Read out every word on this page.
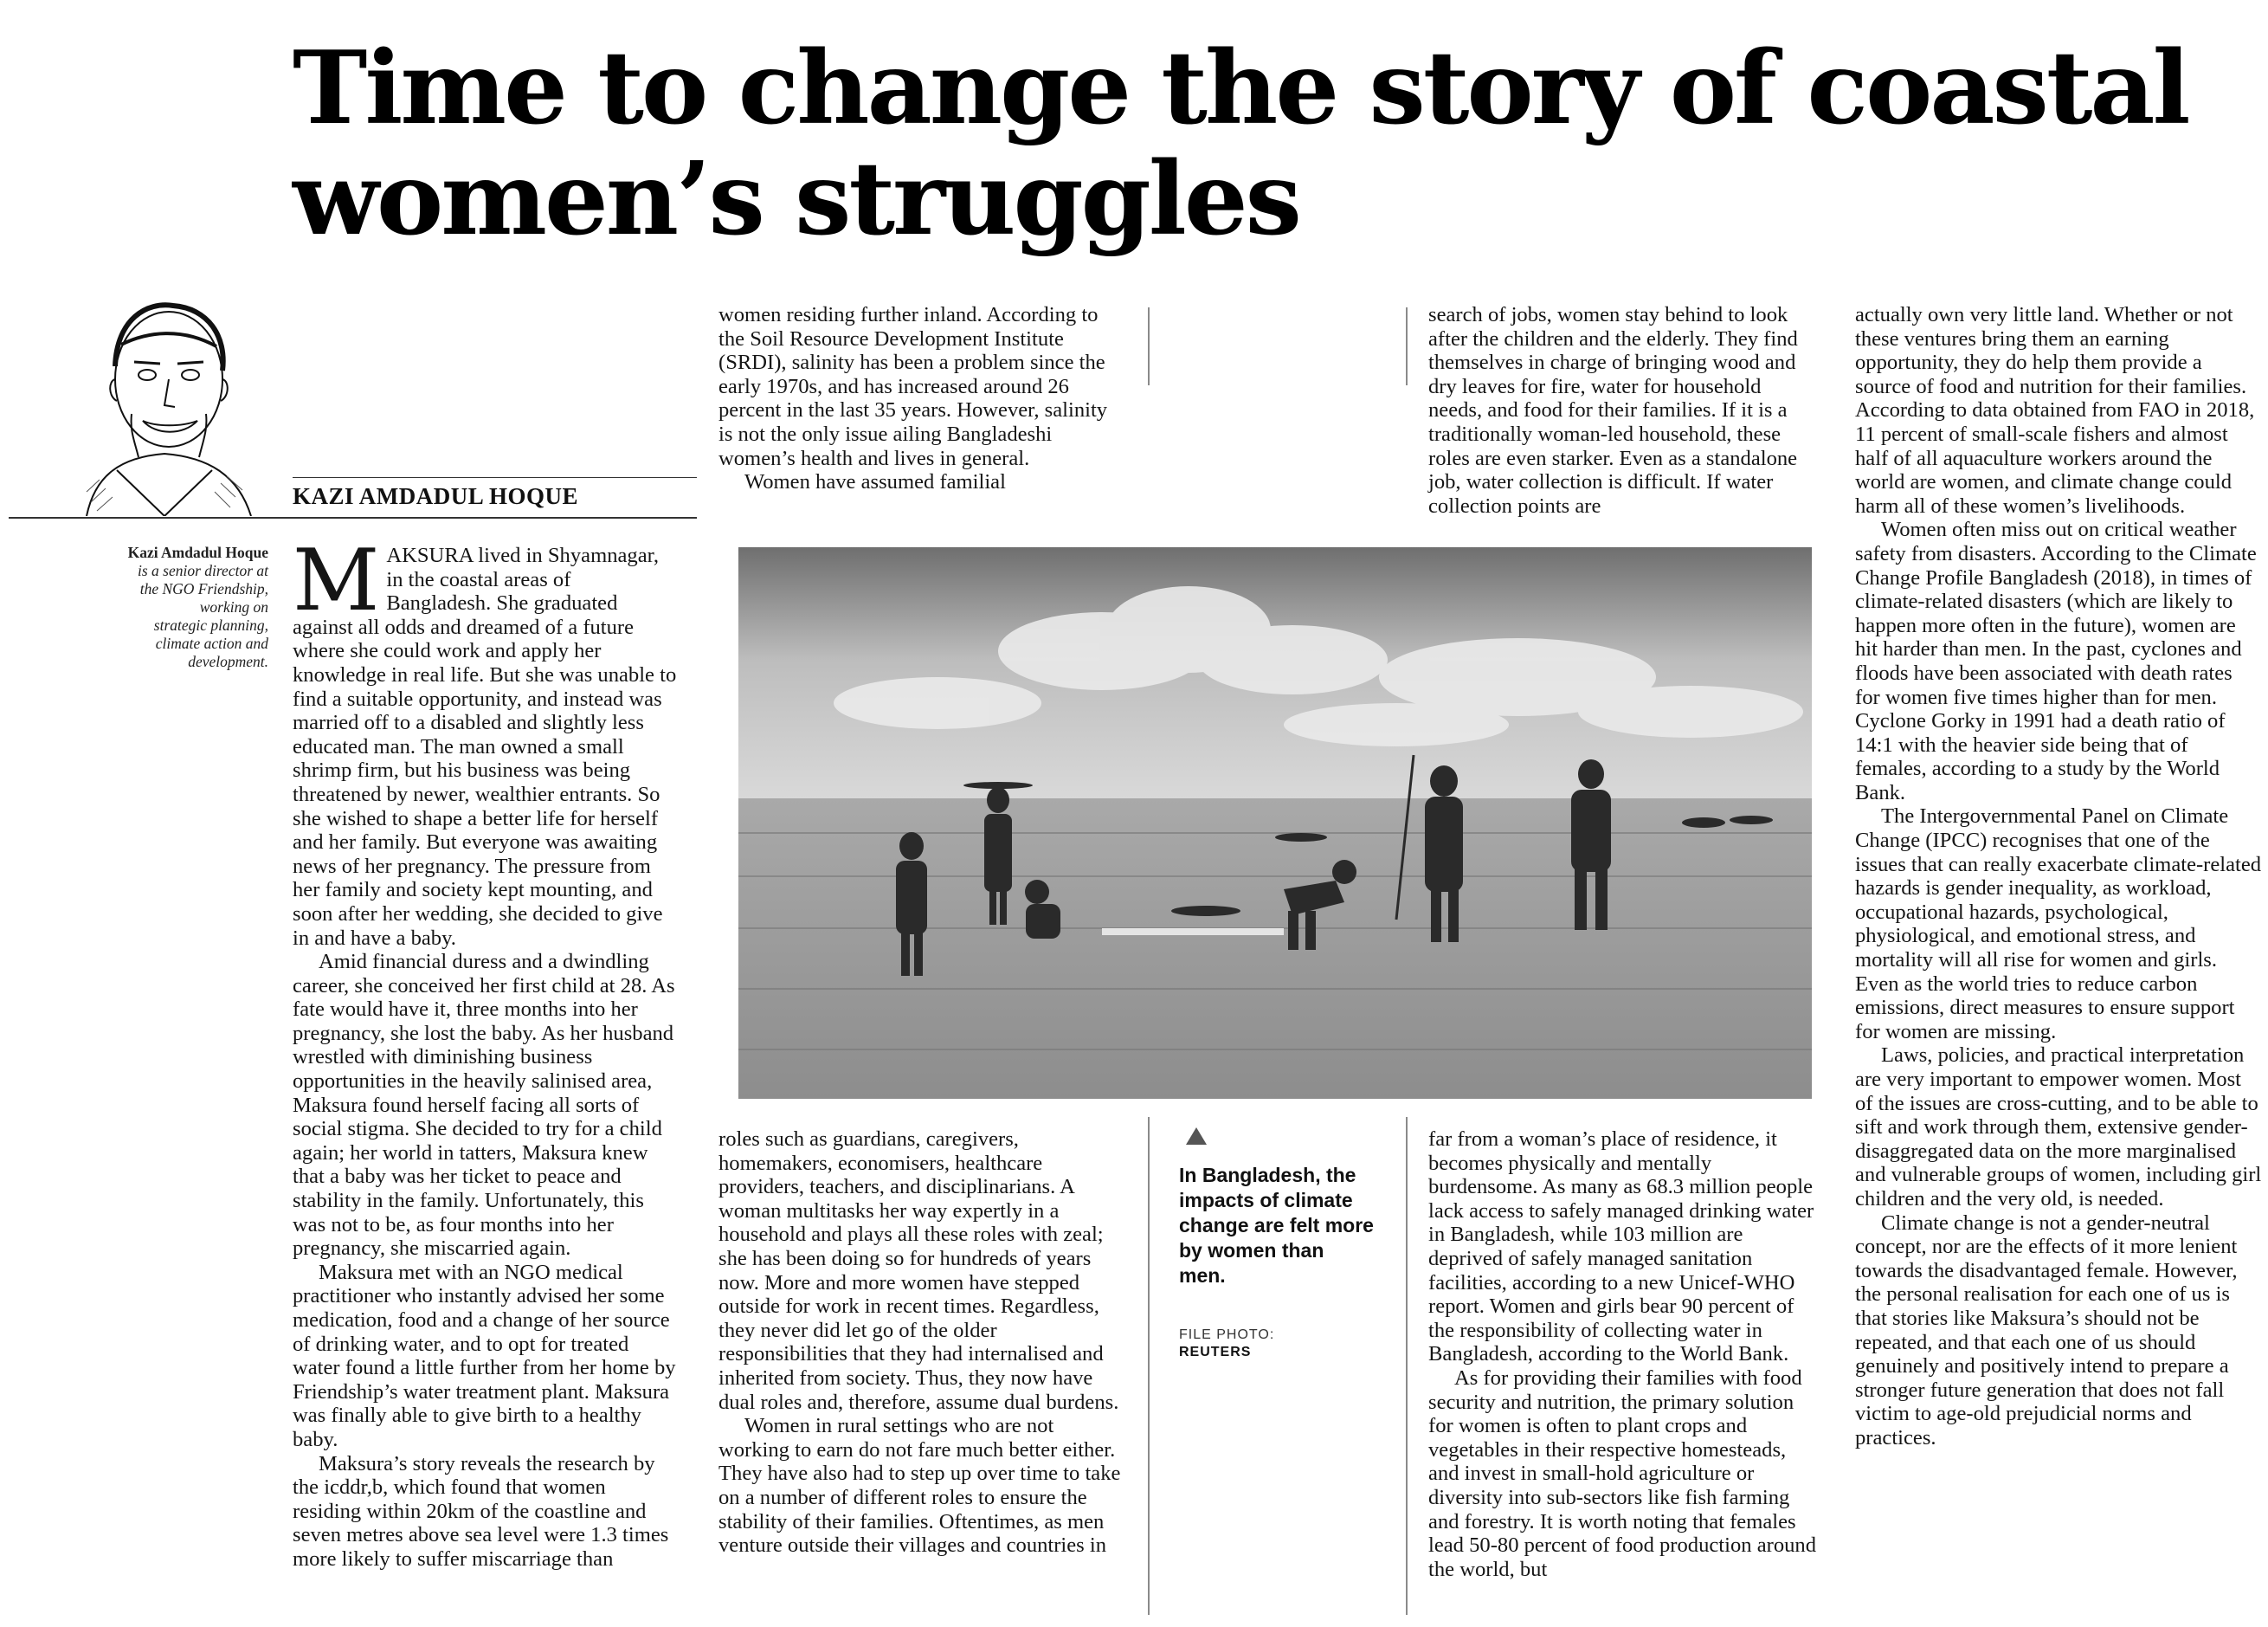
Time to change the story of coastal
women’s struggles
KAZI AMDADUL HOQUE
Kazi Amdadul Hoque
is a senior director at
the NGO Friendship,
working on
strategic planning,
climate action and
development.

MAKSURA lived in Shyamnagar, in the coastal areas of Bangladesh. She graduated against all odds and dreamed of a future where she could work and apply her knowledge in real life. But she was unable to find a suitable opportunity, and instead was married off to a disabled and slightly less educated man. The man owned a small shrimp firm, but his business was being threatened by newer, wealthier entrants. So she wished to shape a better life for herself and her family. But everyone was awaiting news of her pregnancy. The pressure from her family and society kept mounting, and soon after her wedding, she decided to give in and have a baby.

Amid financial duress and a dwindling career, she conceived her first child at 28. As fate would have it, three months into her pregnancy, she lost the baby. As her husband wrestled with diminishing business opportunities in the heavily salinised area, Maksura found herself facing all sorts of social stigma. She decided to try for a child again; her world in tatters, Maksura knew that a baby was her ticket to peace and stability in the family. Unfortunately, this was not to be, as four months into her pregnancy, she miscarried again.

Maksura met with an NGO medical practitioner who instantly advised her some medication, food and a change of her source of drinking water, and to opt for treated water found a little further from her home by Friendship’s water treatment plant. Maksura was finally able to give birth to a healthy baby.

Maksura’s story reveals the research by the icddr,b, which found that women residing within 20km of the coastline and seven metres above sea level were 1.3 times more likely to suffer miscarriage than

women residing further inland. According to the Soil Resource Development Institute (SRDI), salinity has been a problem since the early 1970s, and has increased around 26 percent in the last 35 years. However, salinity is not the only issue ailing Bangladeshi women’s health and lives in general.

Women have assumed familial

search of jobs, women stay behind to look after the children and the elderly. They find themselves in charge of bringing wood and dry leaves for fire, water for household needs, and food for their families. If it is a traditionally woman-led household, these roles are even starker. Even as a standalone job, water collection is difficult. If water collection points are

actually own very little land. Whether or not these ventures bring them an earning opportunity, they do help them provide a source of food and nutrition for their families. According to data obtained from FAO in 2018, 11 percent of small-scale fishers and almost half of all aquaculture workers around the world are women, and climate change could harm all of these women’s livelihoods.

Women often miss out on critical weather safety from disasters. According to the Climate Change Profile Bangladesh (2018), in times of climate-related disasters (which are likely to happen more often in the future), women are hit harder than men. In the past, cyclones and floods have been associated with death rates for women five times higher than for men. Cyclone Gorky in 1991 had a death ratio of 14:1 with the heavier side being that of females, according to a study by the World Bank.

The Intergovernmental Panel on Climate Change (IPCC) recognises that one of the issues that can really exacerbate climate-related hazards is gender inequality, as workload, occupational hazards, psychological, physiological, and emotional stress, and mortality will all rise for women and girls. Even as the world tries to reduce carbon emissions, direct measures to ensure support for women are missing.

Laws, policies, and practical interpretation are very important to empower women. Most of the issues are cross-cutting, and to be able to sift and work through them, extensive gender-disaggregated data on the more marginalised and vulnerable groups of women, including girl children and the very old, is needed.

Climate change is not a gender-neutral concept, nor are the effects of it more lenient towards the disadvantaged female. However, the personal realisation for each one of us is that stories like Maksura’s should not be repeated, and that each one of us should genuinely and positively intend to prepare a stronger future generation that does not fall victim to age-old prejudicial norms and practices.

roles such as guardians, caregivers, homemakers, economisers, healthcare providers, teachers, and disciplinarians. A woman multitasks her way expertly in a household and plays all these roles with zeal; she has been doing so for hundreds of years now. More and more women have stepped outside for work in recent times. Regardless, they never did let go of the older responsibilities that they had internalised and inherited from society. Thus, they now have dual roles and, therefore, assume dual burdens.

Women in rural settings who are not working to earn do not fare much better either. They have also had to step up over time to take on a number of different roles to ensure the stability of their families. Oftentimes, as men venture outside their villages and countries in

In Bangladesh, the impacts of climate change are felt more by women than men.
FILE PHOTO:
REUTERS

far from a woman’s place of residence, it becomes physically and mentally burdensome. As many as 68.3 million people lack access to safely managed drinking water in Bangladesh, while 103 million are deprived of safely managed sanitation facilities, according to a new Unicef-WHO report. Women and girls bear 90 percent of the responsibility of collecting water in Bangladesh, according to the World Bank.

As for providing their families with food security and nutrition, the primary solution for women is often to plant crops and vegetables in their respective homesteads, and invest in small-hold agriculture or diversity into sub-sectors like fish farming and forestry. It is worth noting that females lead 50-80 percent of food production around the world, but
